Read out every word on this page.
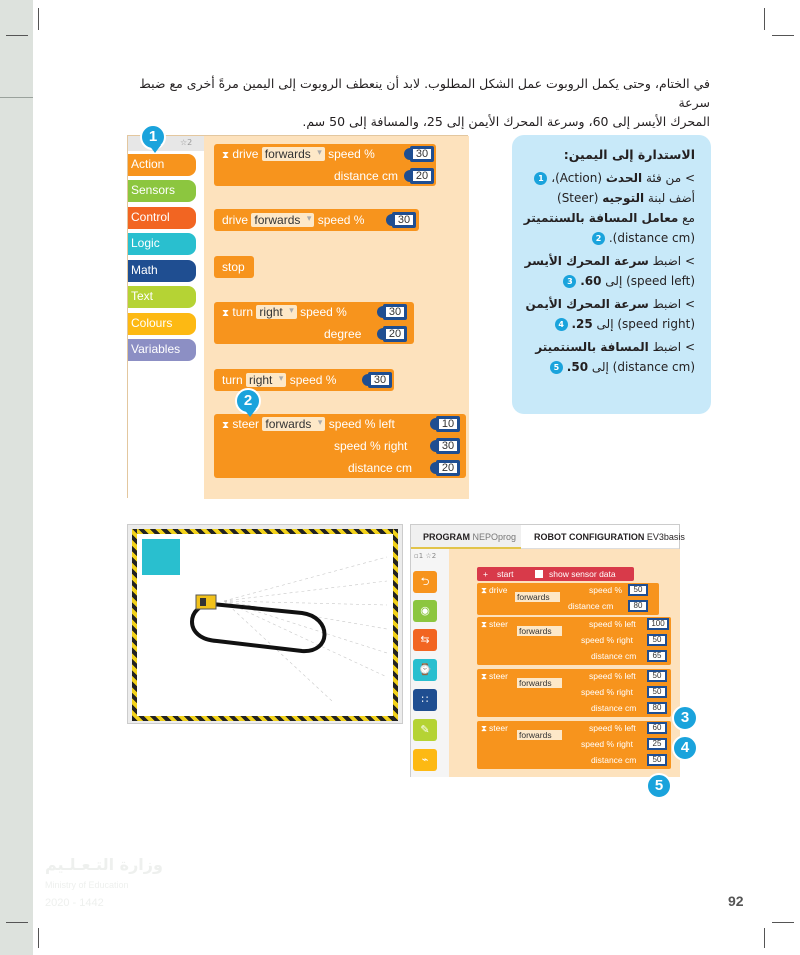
في الختام، وحتى يكمل الروبوت عمل الشكل المطلوب. لابد أن ينعطف الروبوت إلى اليمين مرةً أخرى مع ضبط سرعة
المحرك الأيسر إلى 60، وسرعة المحرك الأيمن إلى 25، والمسافة إلى 50 سم.
☆2
Action
Sensors
Control
Logic
Math
Text
Colours
Variables
⧗ drive forwards ▾ speed %	30
distance cm	20
drive forwards ▾ speed %	30
stop
⧗ turn right ▾ speed %	30
degree	20
turn right ▾ speed %	30
⧗ steer forwards ▾ speed % left	10
speed % right	30
distance cm	20
1
2
الاستدارة إلى اليمين:
> من فئة الحدث (Action)، 1
أضف لبنة التوجيه (Steer)
مع معامل المسافة بالسنتميتر
(distance cm). 2
> اضبط سرعة المحرك الأيسر
(speed left) إلى 60. 3
> اضبط سرعة المحرك الأيمن
(speed right) إلى 25. 4
> اضبط المسافة بالسنتميتر
(distance cm) إلى 50. 5
PROGRAM NEPOprog ROBOT CONFIGURATION EV3basis
▫1 ☆2
⮌
◉
⇆
⌚
∷
✎
⌁
+ start	show sensor data
⧗ drive
forwards
speed %	50
distance cm	80
⧗ steer
forwards
speed % left	100
speed % right	50
distance cm	65
⧗ steer
forwards
speed % left	50
speed % right	50
distance cm	80
⧗ steer
forwards
speed % left	60
speed % right	25
distance cm	50
3
4
5
وزارة التـعـلـيم
Ministry of Education
2020 - 1442	92
